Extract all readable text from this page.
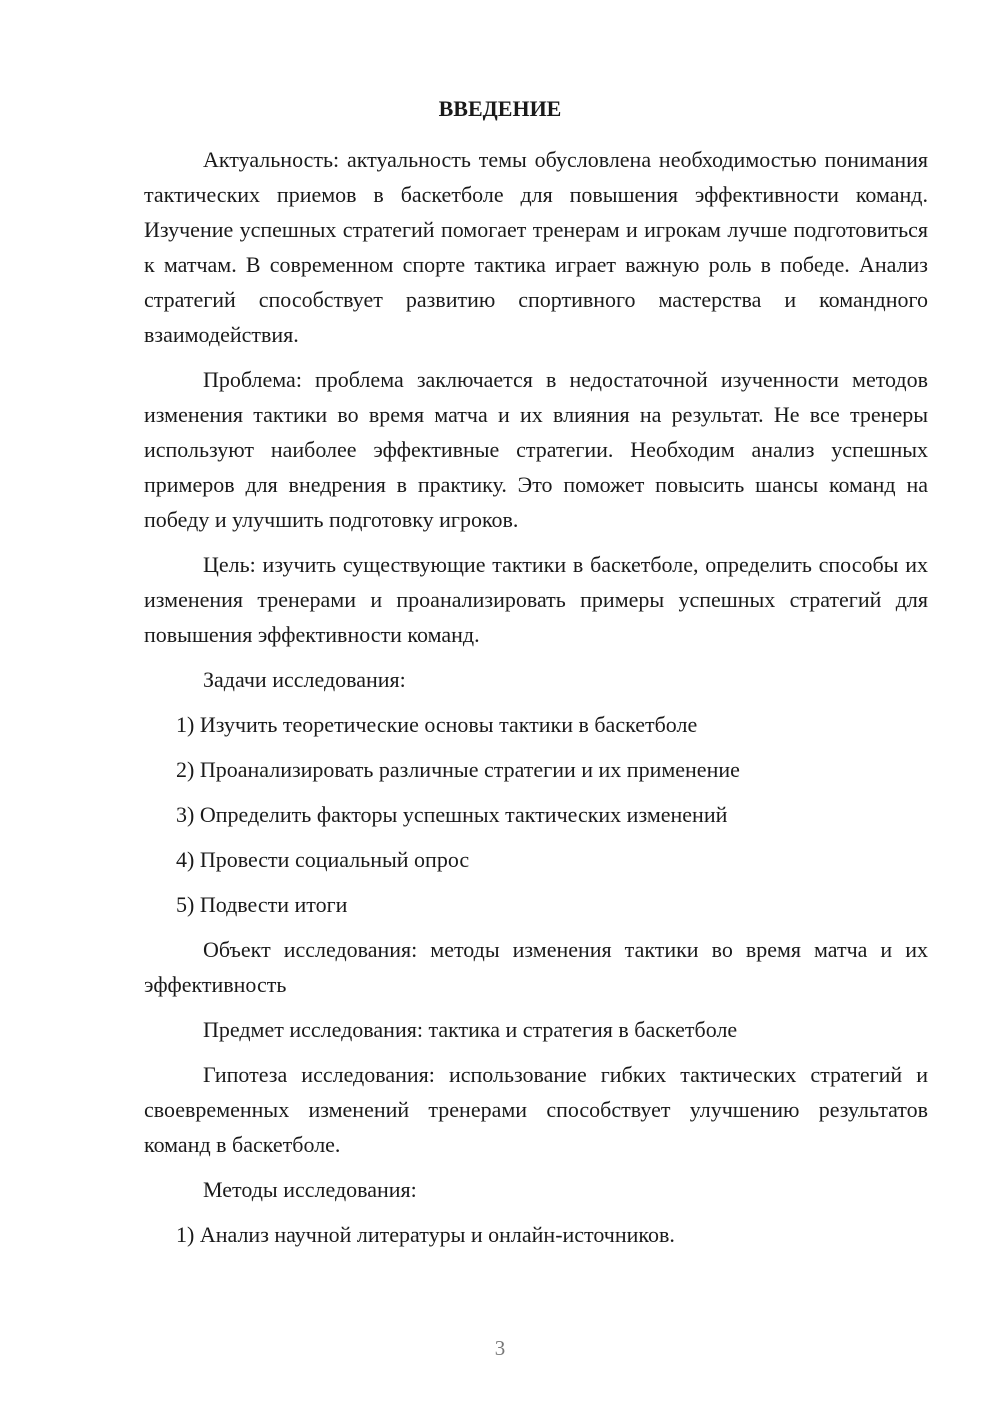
ВВЕДЕНИЕ

Актуальность: актуальность темы обусловлена необходимостью понимания тактических приемов в баскетболе для повышения эффективности команд. Изучение успешных стратегий помогает тренерам и игрокам лучше подготовиться к матчам. В современном спорте тактика играет важную роль в победе. Анализ стратегий способствует развитию спортивного мастерства и командного взаимодействия.

Проблема: проблема заключается в недостаточной изученности методов изменения тактики во время матча и их влияния на результат. Не все тренеры используют наиболее эффективные стратегии. Необходим анализ успешных примеров для внедрения в практику. Это поможет повысить шансы команд на победу и улучшить подготовку игроков.

Цель: изучить существующие тактики в баскетболе, определить способы их изменения тренерами и проанализировать примеры успешных стратегий для повышения эффективности команд.

Задачи исследования:

1) Изучить теоретические основы тактики в баскетболе

2) Проанализировать различные стратегии и их применение

3) Определить факторы успешных тактических изменений

4) Провести социальный опрос

5) Подвести итоги

Объект исследования: методы изменения тактики во время матча и их эффективность

Предмет исследования: тактика и стратегия в баскетболе

Гипотеза исследования: использование гибких тактических стратегий и своевременных изменений тренерами способствует улучшению результатов команд в баскетболе.

Методы исследования:

1) Анализ научной литературы и онлайн-источников.

3
